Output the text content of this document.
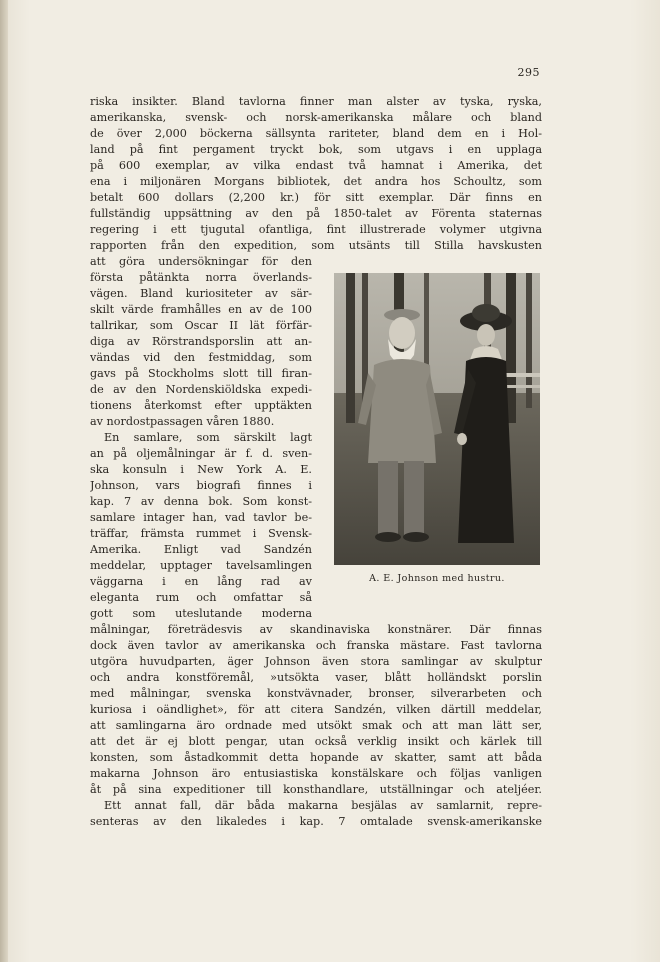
295
riska insikter. Bland tavlorna finner man alster av tyska, ryska,
amerikanska, svensk- och norsk-amerikanska målare och bland
de över 2,000 böckerna sällsynta rariteter, bland dem en i Hol-
land på fint pergament tryckt bok, som utgavs i en upplaga
på 600 exemplar, av vilka endast två hamnat i Amerika, det
ena i miljonären Morgans bibliotek, det andra hos Schoultz, som
betalt 600 dollars (2,200 kr.) för sitt exemplar. Där finns en
fullständig uppsättning av den på 1850-talet av Förenta staternas
regering i ett tjugutal ofantliga, fint illustrerade volymer utgivna
rapporten från den expedition, som utsänts till Stilla havskusten
att göra undersökningar för den
första påtänkta norra överlands-
vägen. Bland kuriositeter av sär-
skilt värde framhålles en av de 100
tallrikar, som Oscar II lät förfär-
diga av Rörstrandsporslin att an-
vändas vid den festmiddag, som
gavs på Stockholms slott till firan-
de av den Nordenskiöldska expedi-
tionens återkomst efter upptäkten
av nordostpassagen våren 1880.
En samlare, som särskilt lagt
an på oljemålningar är f. d. sven-
ska konsuln i New York A. E.
Johnson, vars biografi finnes i
kap. 7 av denna bok. Som konst-
samlare intager han, vad tavlor be-
träffar, främsta rummet i Svensk-
Amerika. Enligt vad Sandzén
meddelar, upptager tavelsamlingen
väggarna i en lång rad av
eleganta rum och omfattar så
gott som uteslutande moderna
målningar, företrädesvis av skandinaviska konstnärer. Där finnas
dock även tavlor av amerikanska och franska mästare. Fast tavlorna
utgöra huvudparten, äger Johnson även stora samlingar av skulptur
och andra konstföremål, »utsökta vaser, blått holländskt porslin
med målningar, svenska konstvävnader, bronser, silverarbeten och
kuriosa i oändlighet», för att citera Sandzén, vilken därtill meddelar,
att samlingarna äro ordnade med utsökt smak och att man lätt ser,
att det är ej blott pengar, utan också verklig insikt och kärlek till
konsten, som åstadkommit detta hopande av skatter, samt att båda
makarna Johnson äro entusiastiska konstälskare och följas vanligen
åt på sina expeditioner till konsthandlare, utställningar och ateljéer.
Ett annat fall, där båda makarna besjälas av samlarnit, repre-
senteras av den likaledes i kap. 7 omtalade svensk-amerikanske
A. E. Johnson med hustru.
